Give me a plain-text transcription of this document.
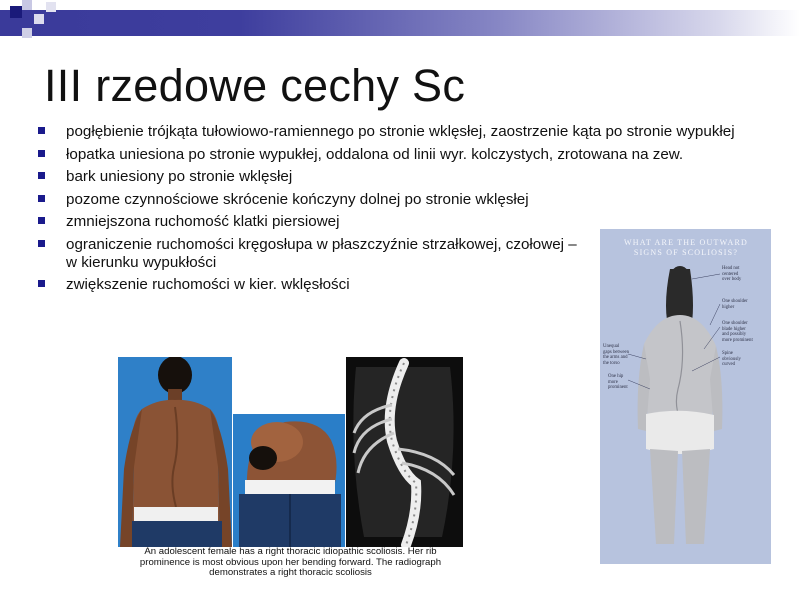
III rzedowe cechy Sc
pogłębienie trójkąta tułowiowo-ramiennego po stronie wklęsłej, zaostrzenie kąta po stronie wypukłej
łopatka uniesiona po stronie wypukłej, oddalona od linii wyr. kolczystych, zrotowana na zew.
bark uniesiony po stronie wklęsłej
pozome czynnościowe skrócenie kończyny dolnej po stronie wklęsłej
zmniejszona ruchomość klatki piersiowej
ograniczenie ruchomości kręgosłupa w płaszczyźnie strzałkowej, czołowej – w kierunku wypukłości
zwiększenie ruchomości w kier. wklęsłości
An adolescent female has a right thoracic idiopathic scoliosis. Her rib
prominence is most obvious upon her bending forward. The radiograph
demonstrates a right thoracic scoliosis
WHAT ARE THE OUTWARD
SIGNS OF SCOLIOSIS?
Head not
centered
over body
One shoulder
higher
One shoulder
blade higher
and possibly
more prominent
Spine
obviously
curved
Unequal
gaps between
the arms and
the torso
One hip
more
prominent
